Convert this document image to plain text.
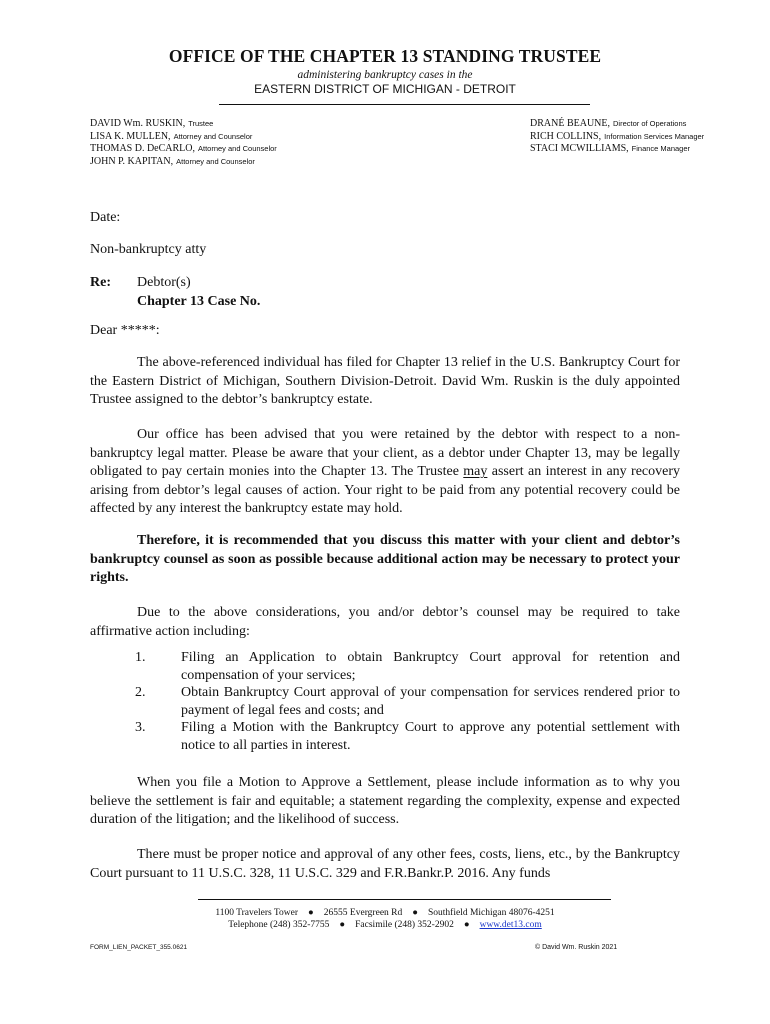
OFFICE OF THE CHAPTER 13 STANDING TRUSTEE
administering bankruptcy cases in the
EASTERN DISTRICT OF MICHIGAN - DETROIT
DAVID Wm. RUSKIN, Trustee
LISA K. MULLEN, Attorney and Counselor
THOMAS D. DeCARLO, Attorney and Counselor
JOHN P. KAPITAN, Attorney and Counselor
DRANÉ BEAUNE, Director of Operations
RICH COLLINS, Information Services Manager
STACI MCWILLIAMS, Finance Manager
Date:
Non-bankruptcy atty
Re: Debtor(s)
Chapter 13 Case No.
Dear *****:

The above-referenced individual has filed for Chapter 13 relief in the U.S. Bankruptcy Court for the Eastern District of Michigan, Southern Division-Detroit. David Wm. Ruskin is the duly appointed Trustee assigned to the debtor’s bankruptcy estate.

Our office has been advised that you were retained by the debtor with respect to a non-bankruptcy legal matter. Please be aware that your client, as a debtor under Chapter 13, may be legally obligated to pay certain monies into the Chapter 13. The Trustee may assert an interest in any recovery arising from debtor’s legal causes of action. Your right to be paid from any potential recovery could be affected by any interest the bankruptcy estate may hold.

Therefore, it is recommended that you discuss this matter with your client and debtor’s bankruptcy counsel as soon as possible because additional action may be necessary to protect your rights.

Due to the above considerations, you and/or debtor’s counsel may be required to take affirmative action including:

1.	Filing an Application to obtain Bankruptcy Court approval for retention and compensation of your services;
2.	Obtain Bankruptcy Court approval of your compensation for services rendered prior to payment of legal fees and costs; and
3.	Filing a Motion with the Bankruptcy Court to approve any potential settlement with notice to all parties in interest.

When you file a Motion to Approve a Settlement, please include information as to why you believe the settlement is fair and equitable; a statement regarding the complexity, expense and expected duration of the litigation; and the likelihood of success.

There must be proper notice and approval of any other fees, costs, liens, etc., by the Bankruptcy Court pursuant to 11 U.S.C. 328, 11 U.S.C. 329 and F.R.Bankr.P. 2016. Any funds

1100 Travelers Tower ● 26555 Evergreen Rd ● Southfield Michigan 48076-4251
Telephone (248) 352-7755 ● Facsimile (248) 352-2902 ● www.det13.com
FORM_LIEN_PACKET_355.0621	© David Wm. Ruskin 2021
